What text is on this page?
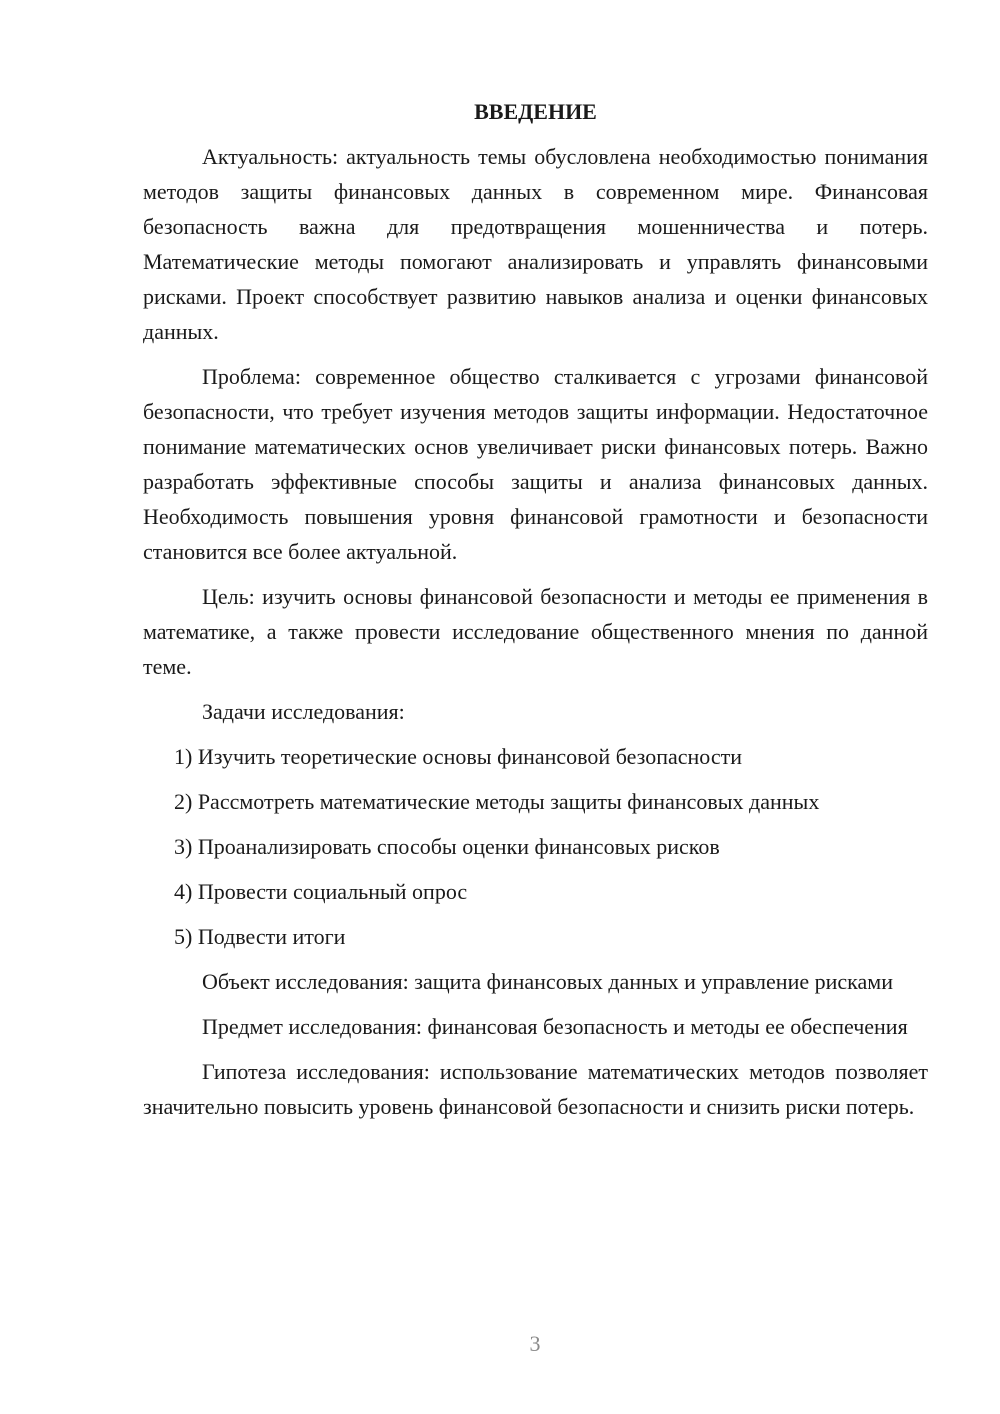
ВВЕДЕНИЕ

Актуальность: актуальность темы обусловлена необходимостью понимания методов защиты финансовых данных в современном мире. Финансовая безопасность важна для предотвращения мошенничества и потерь. Математические методы помогают анализировать и управлять финансовыми рисками. Проект способствует развитию навыков анализа и оценки финансовых данных.

Проблема: современное общество сталкивается с угрозами финансовой безопасности, что требует изучения методов защиты информации. Недостаточное понимание математических основ увеличивает риски финансовых потерь. Важно разработать эффективные способы защиты и анализа финансовых данных. Необходимость повышения уровня финансовой грамотности и безопасности становится все более актуальной.

Цель: изучить основы финансовой безопасности и методы ее применения в математике, а также провести исследование общественного мнения по данной теме.

Задачи исследования:

1) Изучить теоретические основы финансовой безопасности
2) Рассмотреть математические методы защиты финансовых данных
3) Проанализировать способы оценки финансовых рисков
4) Провести социальный опрос
5) Подвести итоги

Объект исследования: защита финансовых данных и управление рисками

Предмет исследования: финансовая безопасность и методы ее обеспечения

Гипотеза исследования: использование математических методов позволяет значительно повысить уровень финансовой безопасности и снизить риски потерь.

3
